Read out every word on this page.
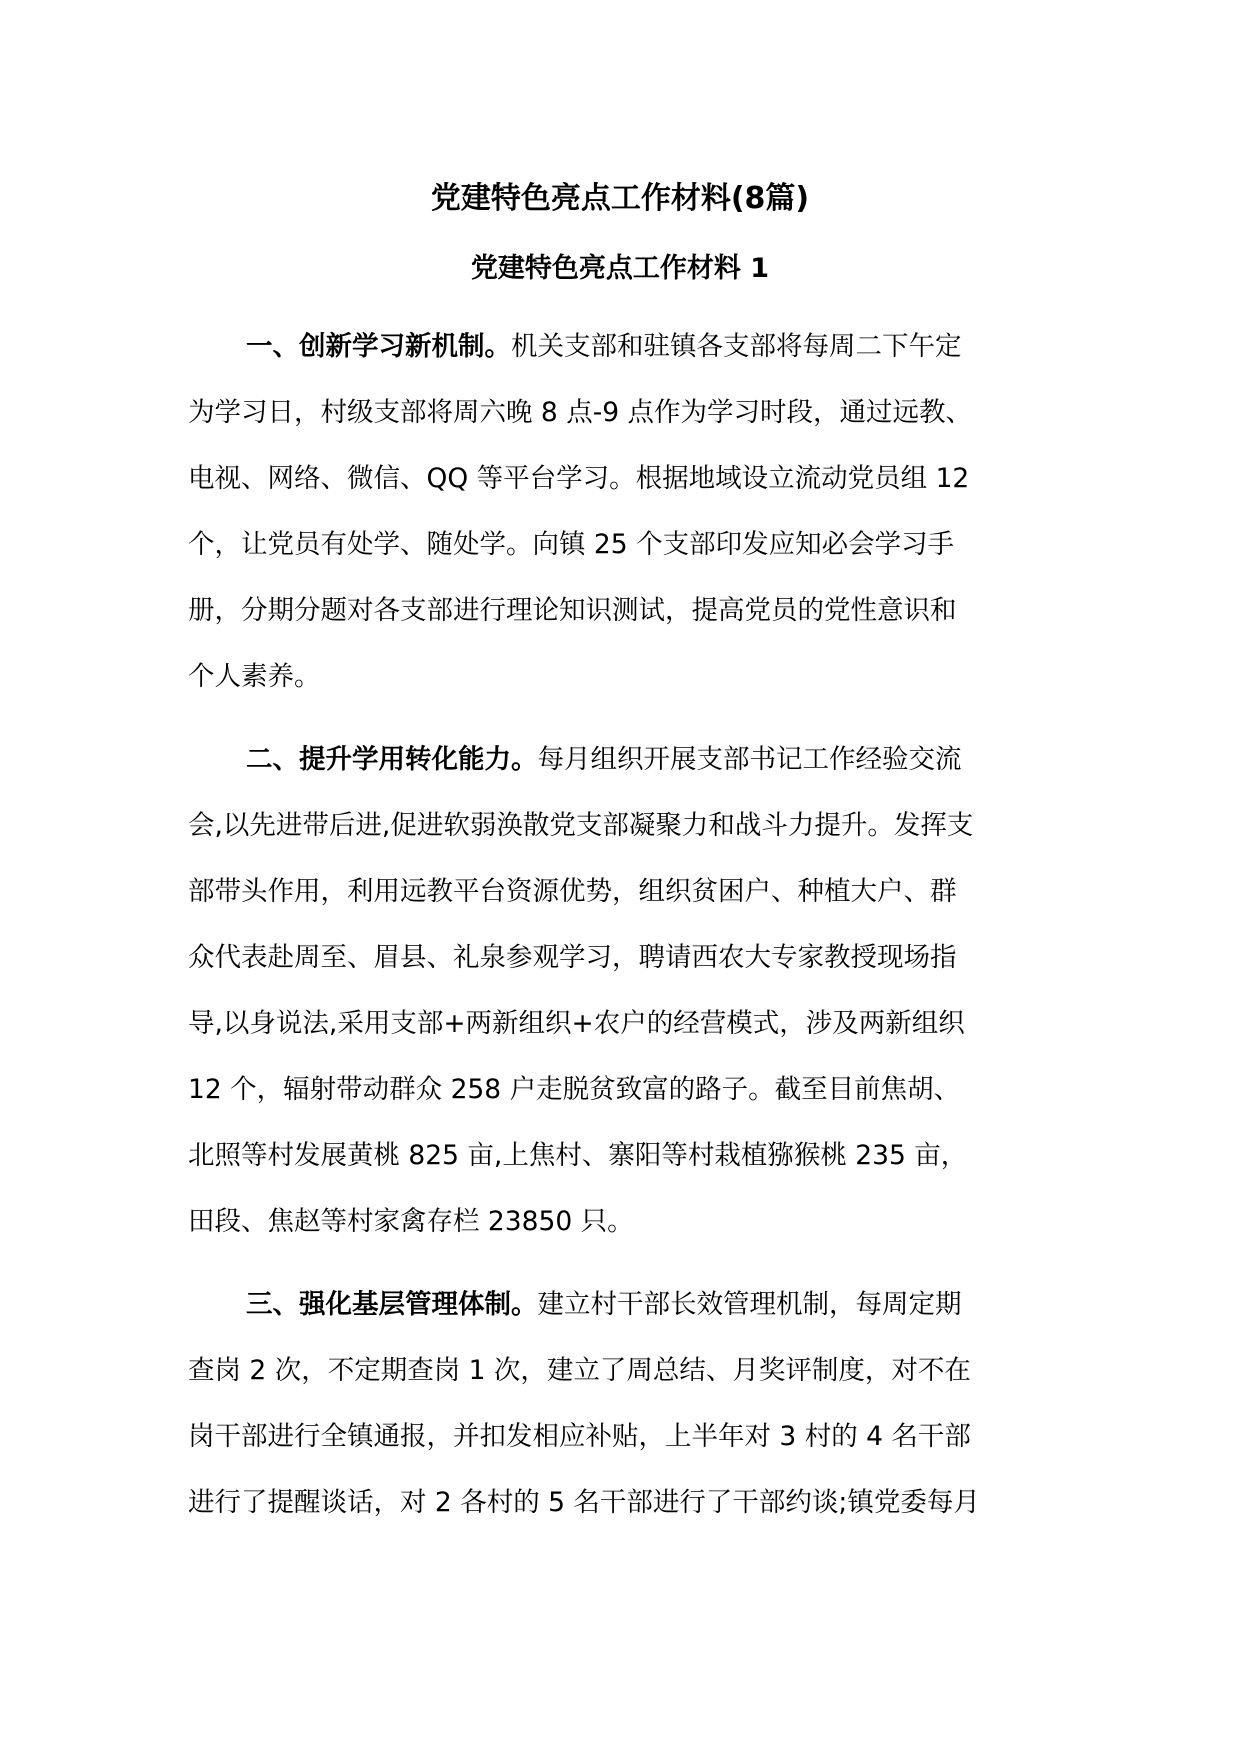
党建特色亮点工作材料(8篇)
党建特色亮点工作材料 1

一、创新学习新机制。机关支部和驻镇各支部将每周二下午定
为学习日，村级支部将周六晚 8 点-9 点作为学习时段，通过远教、
电视、网络、微信、QQ 等平台学习。根据地域设立流动党员组 12
个，让党员有处学、随处学。向镇 25 个支部印发应知必会学习手
册，分期分题对各支部进行理论知识测试，提高党员的党性意识和
个人素养。

二、提升学用转化能力。每月组织开展支部书记工作经验交流
会,以先进带后进,促进软弱涣散党支部凝聚力和战斗力提升。发挥支
部带头作用，利用远教平台资源优势，组织贫困户、种植大户、群
众代表赴周至、眉县、礼泉参观学习，聘请西农大专家教授现场指
导,以身说法,采用支部+两新组织+农户的经营模式，涉及两新组织
12 个，辐射带动群众 258 户走脱贫致富的路子。截至目前焦胡、
北照等村发展黄桃 825 亩,上焦村、寨阳等村栽植猕猴桃 235 亩，
田段、焦赵等村家禽存栏 23850 只。

三、强化基层管理体制。建立村干部长效管理机制，每周定期
查岗 2 次，不定期查岗 1 次，建立了周总结、月奖评制度，对不在
岗干部进行全镇通报，并扣发相应补贴，上半年对 3 村的 4 名干部
进行了提醒谈话，对 2 各村的 5 名干部进行了干部约谈;镇党委每月
